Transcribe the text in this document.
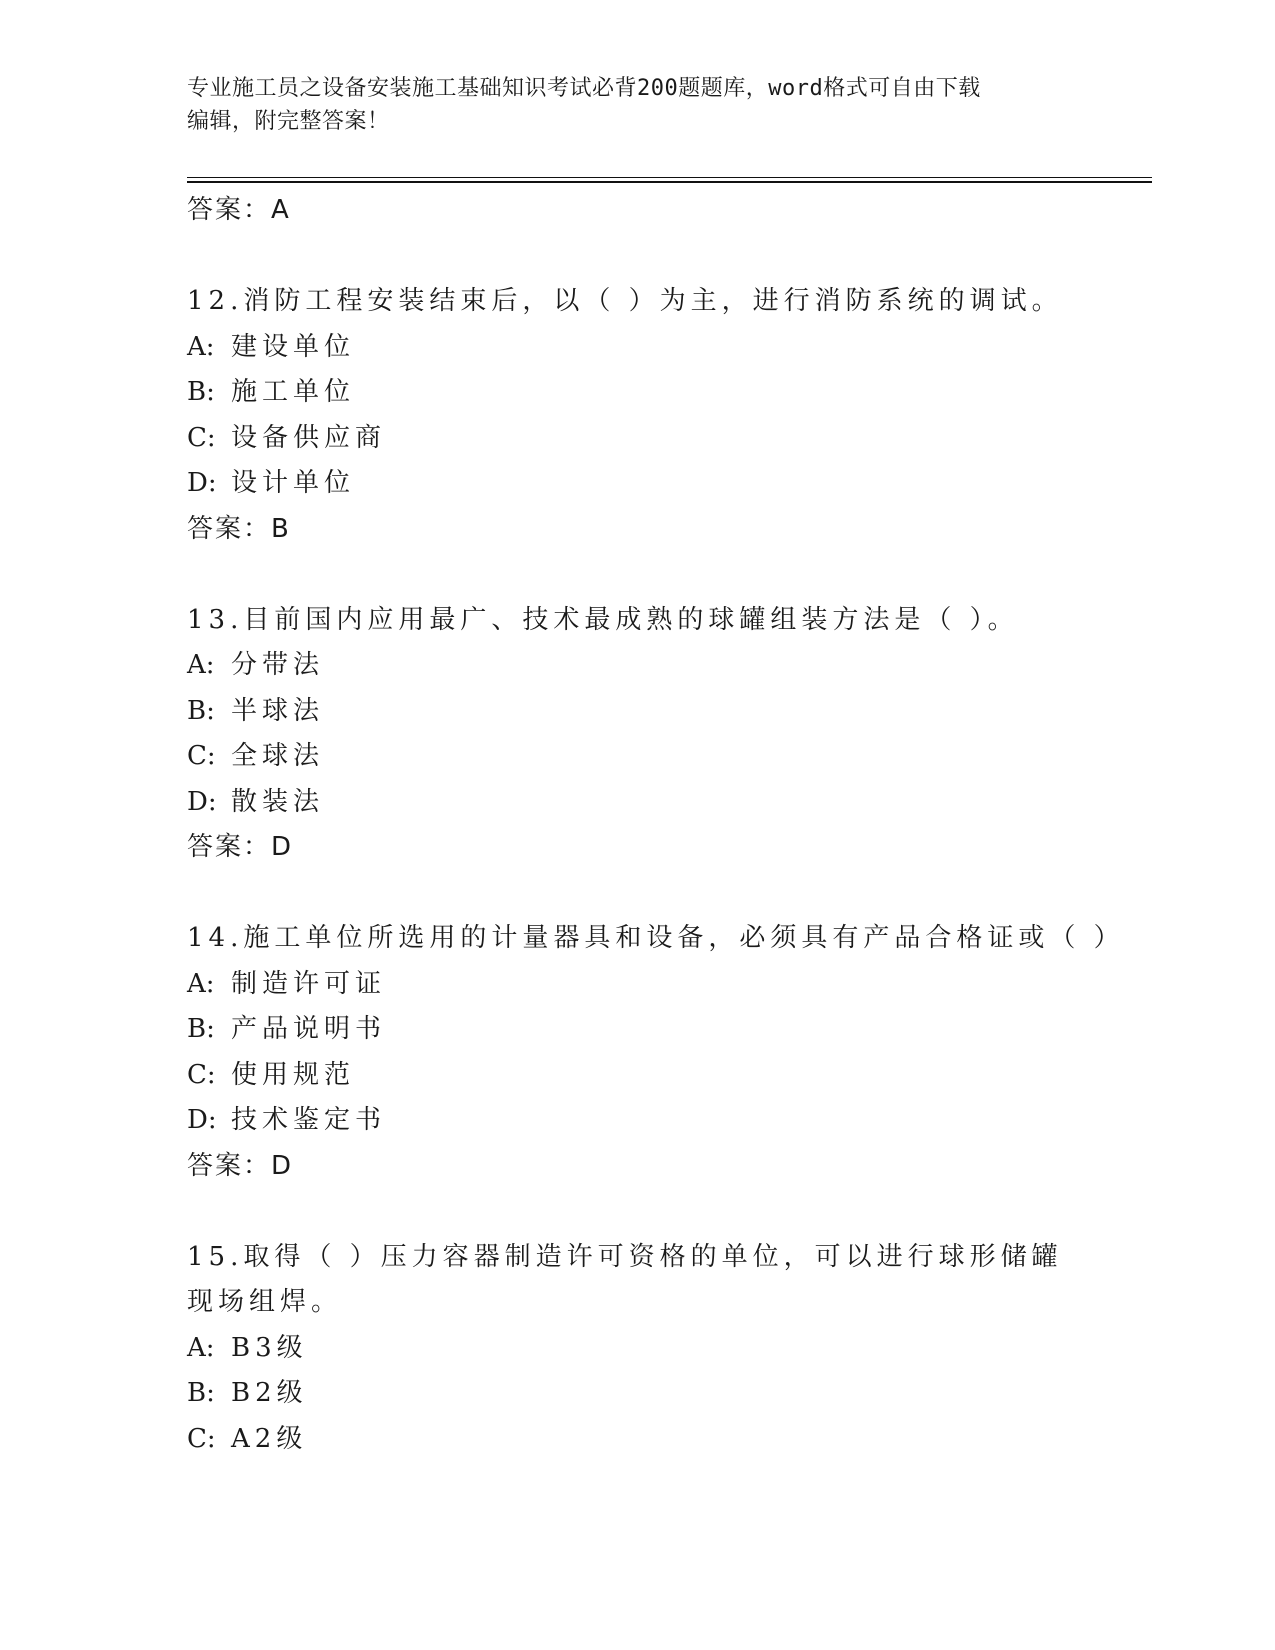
专业施工员之设备安装施工基础知识考试必背200题题库，word格式可自由下载
编辑，附完整答案！
答案：A
12.消防工程安装结束后，以（ ）为主，进行消防系统的调试。
A: 建设单位
B: 施工单位
C: 设备供应商
D: 设计单位
答案：B
13.目前国内应用最广、技术最成熟的球罐组装方法是（ ）。
A: 分带法
B: 半球法
C: 全球法
D: 散装法
答案：D
14.施工单位所选用的计量器具和设备，必须具有产品合格证或（ ）
A: 制造许可证
B: 产品说明书
C: 使用规范
D: 技术鉴定书
答案：D
15.取得（ ）压力容器制造许可资格的单位，可以进行球形储罐现场组焊。
A: B3级
B: B2级
C: A2级
